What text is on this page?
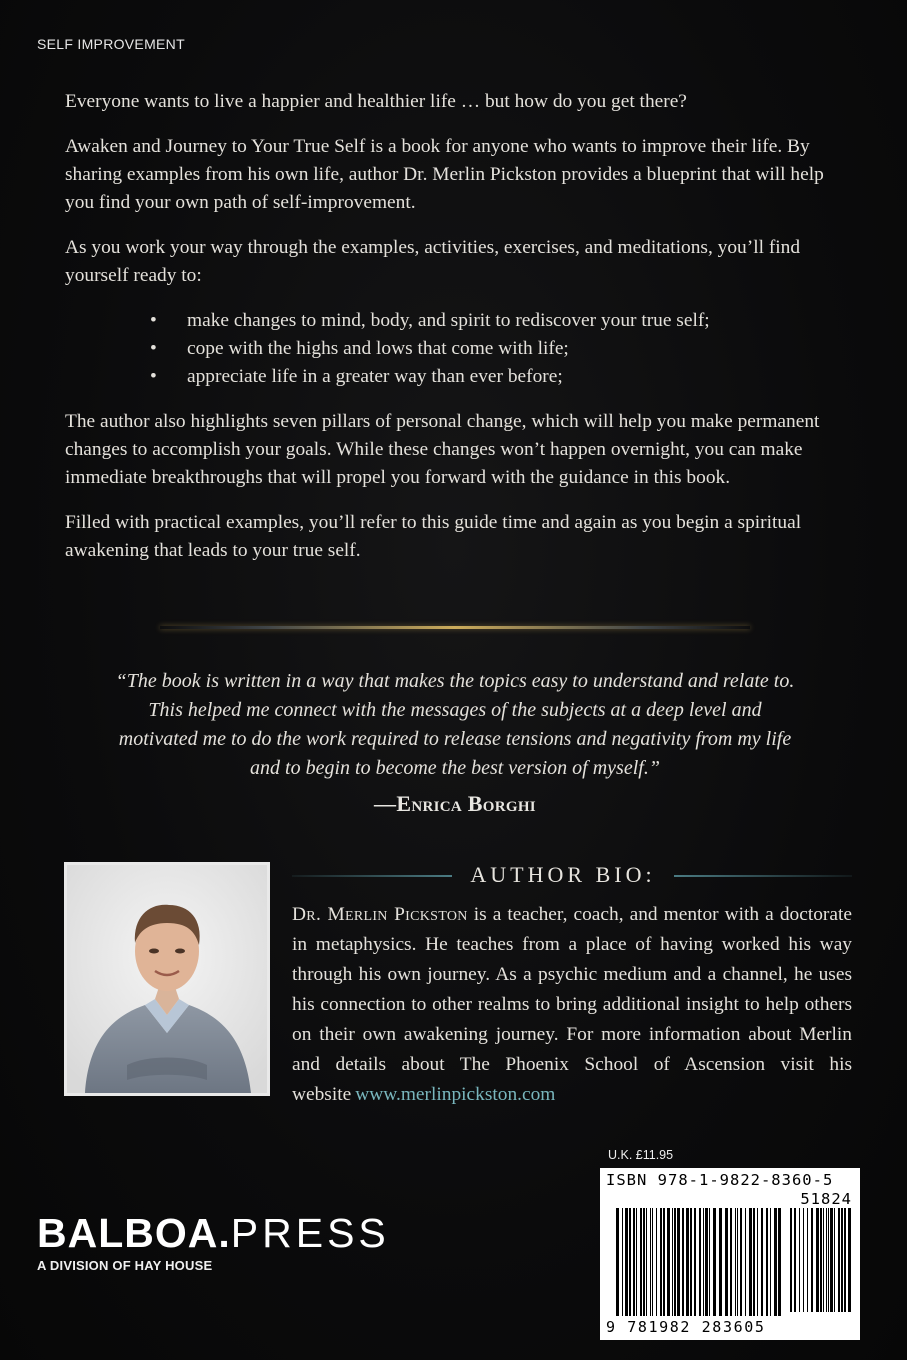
SELF IMPROVEMENT

Everyone wants to live a happier and healthier life … but how do you get there?

Awaken and Journey to Your True Self is a book for anyone who wants to improve their life. By sharing examples from his own life, author Dr. Merlin Pickston provides a blueprint that will help you find your own path of self-improvement.

As you work your way through the examples, activities, exercises, and meditations, you’ll find yourself ready to:

• make changes to mind, body, and spirit to rediscover your true self;
• cope with the highs and lows that come with life;
• appreciate life in a greater way than ever before;

The author also highlights seven pillars of personal change, which will help you make permanent changes to accomplish your goals. While these changes won’t happen overnight, you can make immediate breakthroughs that will propel you forward with the guidance in this book.

Filled with practical examples, you’ll refer to this guide time and again as you begin a spiritual awakening that leads to your true self.

“The book is written in a way that makes the topics easy to understand and relate to. This helped me connect with the messages of the subjects at a deep level and motivated me to do the work required to release tensions and negativity from my life and to begin to become the best version of myself.”
—Enrica Borghi
AUTHOR BIO:
Dr. Merlin Pickston is a teacher, coach, and mentor with a doctorate in metaphysics. He teaches from a place of having worked his way through his own journey. As a psychic medium and a channel, he uses his connection to other realms to bring additional insight to help others on their own awakening journey. For more information about Merlin and details about The Phoenix School of Ascension visit his website www.merlinpickston.com
BALBOA.PRESS
A DIVISION OF HAY HOUSE
U.K. £11.95
ISBN 978-1-9822-8360-5
51824
9 781982 283605
